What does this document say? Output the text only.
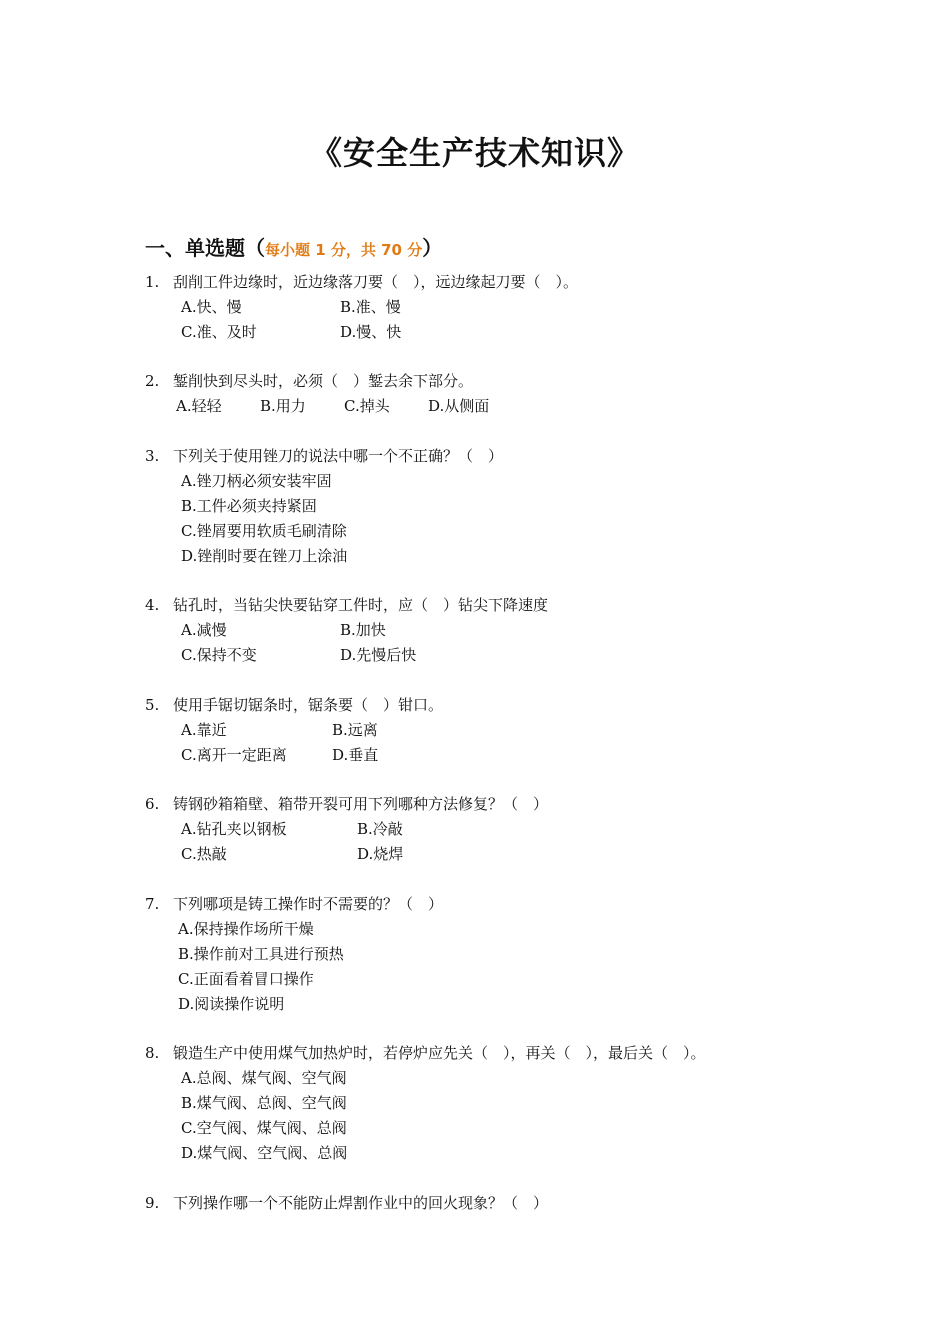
《安全生产技术知识》
一、单选题（每小题 1 分，共 70 分）
1. 刮削工件边缘时，近边缘落刀要（　），远边缘起刀要（　）。
A.快、慢	B.准、慢
C.准、及时	D.慢、快
2. 錾削快到尽头时，必须（　）錾去余下部分。
A.轻轻	B.用力	C.掉头	D.从侧面
3. 下列关于使用锉刀的说法中哪一个不正确？（　）
A.锉刀柄必须安装牢固
B.工件必须夹持紧固
C.锉屑要用软质毛刷清除
D.锉削时要在锉刀上涂油
4. 钻孔时，当钻尖快要钻穿工件时，应（　）钻尖下降速度
A.减慢	B.加快
C.保持不变	D.先慢后快
5. 使用手锯切锯条时，锯条要（　）钳口。
A.靠近	B.远离
C.离开一定距离	D.垂直
6. 铸钢砂箱箱壁、箱带开裂可用下列哪种方法修复？（　）
A.钻孔夹以钢板	B.冷敲
C.热敲	D.烧焊
7. 下列哪项是铸工操作时不需要的？（　）
A.保持操作场所干燥
B.操作前对工具进行预热
C.正面看着冒口操作
D.阅读操作说明
8. 锻造生产中使用煤气加热炉时，若停炉应先关（　），再关（　），最后关（　）。
A.总阀、煤气阀、空气阀
B.煤气阀、总阀、空气阀
C.空气阀、煤气阀、总阀
D.煤气阀、空气阀、总阀
9. 下列操作哪一个不能防止焊割作业中的回火现象？（　）
